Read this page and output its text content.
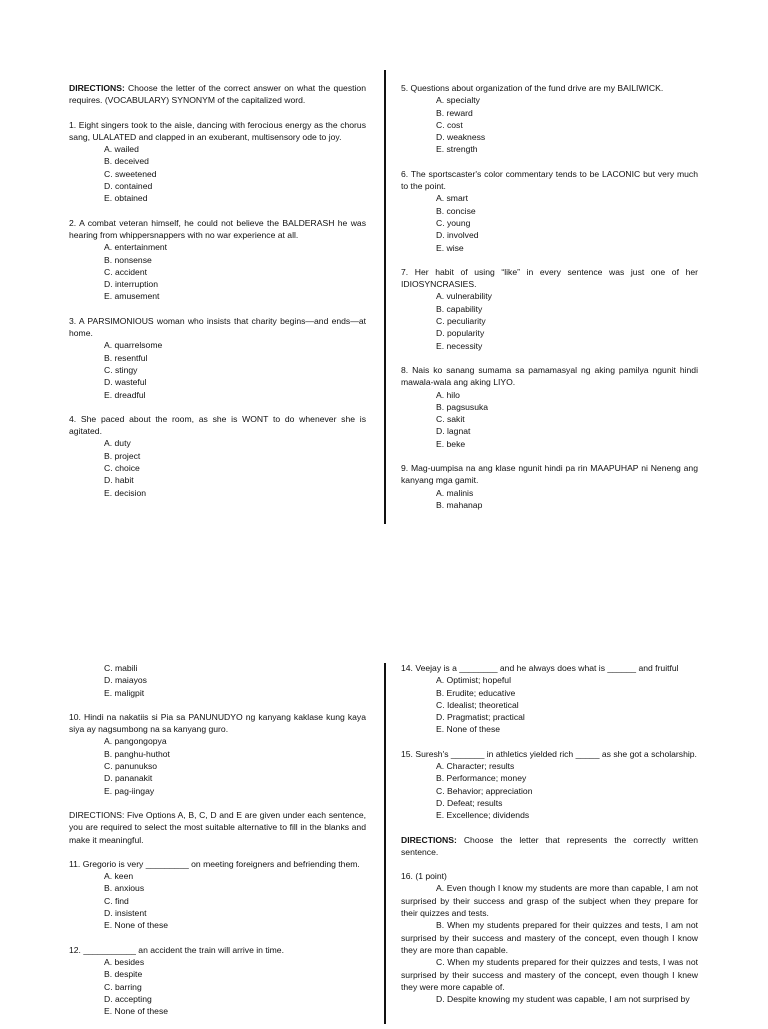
DIRECTIONS: Choose the letter of the correct answer on what the question requires. (VOCABULARY) SYNONYM of the capitalized word.

1. Eight singers took to the aisle, dancing with ferocious energy as the chorus sang, ULALATED and clapped in an exuberant, multisensory ode to joy.

A. wailed
B. deceived
C. sweetened
D. contained
E. obtained

2. A combat veteran himself, he could not believe the BALDERASH he was hearing from whippersnappers with no war experience at all.

A. entertainment
B. nonsense
C. accident
D. interruption
E. amusement

3. A PARSIMONIOUS woman who insists that charity begins—and ends—at home.

A. quarrelsome
B. resentful
C. stingy
D. wasteful
E. dreadful

4. She paced about the room, as she is WONT to do whenever she is agitated.

A. duty
B. project
C. choice
D. habit
E. decision

5. Questions about organization of the fund drive are my BAILIWICK.

A. specialty
B. reward
C. cost
D. weakness
E. strength

6. The sportscaster's color commentary tends to be LACONIC but very much to the point.

A. smart
B. concise
C. young
D. involved
E. wise

7. Her habit of using “like” in every sentence was just one of her IDIOSYNCRASIES.

A. vulnerability
B. capability
C. peculiarity
D. popularity
E. necessity

8. Nais ko sanang sumama sa pamamasyal ng aking pamilya ngunit hindi mawala-wala ang aking LIYO.

A. hilo
B. pagsusuka
C. sakit
D. lagnat
E. beke

9. Mag-uumpisa na ang klase ngunit hindi pa rin MAAPUHAP ni Neneng ang kanyang mga gamit.

A. malinis
B. mahanap
C. mabili
D. maiayos
E. maligpit

10. Hindi na nakatiis si Pia sa PANUNUDYO ng kanyang kaklase kung kaya siya ay nagsumbong na sa kanyang guro.

A. pangongopya
B. panghu-huthot
C. panunukso
D. pananakit
E. pag-iingay

DIRECTIONS: Five Options A, B, C, D and E are given under each sentence, you are required to select the most suitable alternative to fill in the blanks and make it meaningful.

11. Gregorio is very _________ on meeting foreigners and befriending them.

A. keen
B. anxious
C. find
D. insistent
E. None of these

12. ___________ an accident the train will arrive in time.

A. besides
B. despite
C. barring
D. accepting
E. None of these

14. Veejay is a ________ and he always does what is ______ and fruitful

A. Optimist; hopeful
B. Erudite; educative
C. Idealist; theoretical
D. Pragmatist; practical
E. None of these

15. Suresh's _______ in athletics yielded rich _____ as she got a scholarship.

A. Character; results
B. Performance; money
C. Behavior; appreciation
D. Defeat; results
E. Excellence; dividends

DIRECTIONS: Choose the letter that represents the correctly written sentence.

16. (1 point)

A. Even though I know my students are more than capable, I am not surprised by their success and grasp of the subject when they prepare for their quizzes and tests.

B. When my students prepared for their quizzes and tests, I am not surprised by their success and mastery of the concept, even though I know they are more than capable.

C. When my students prepared for their quizzes and tests, I was not surprised by their success and mastery of the concept, even though I knew they were more capable of.

D. Despite knowing my student was capable, I am not surprised by
